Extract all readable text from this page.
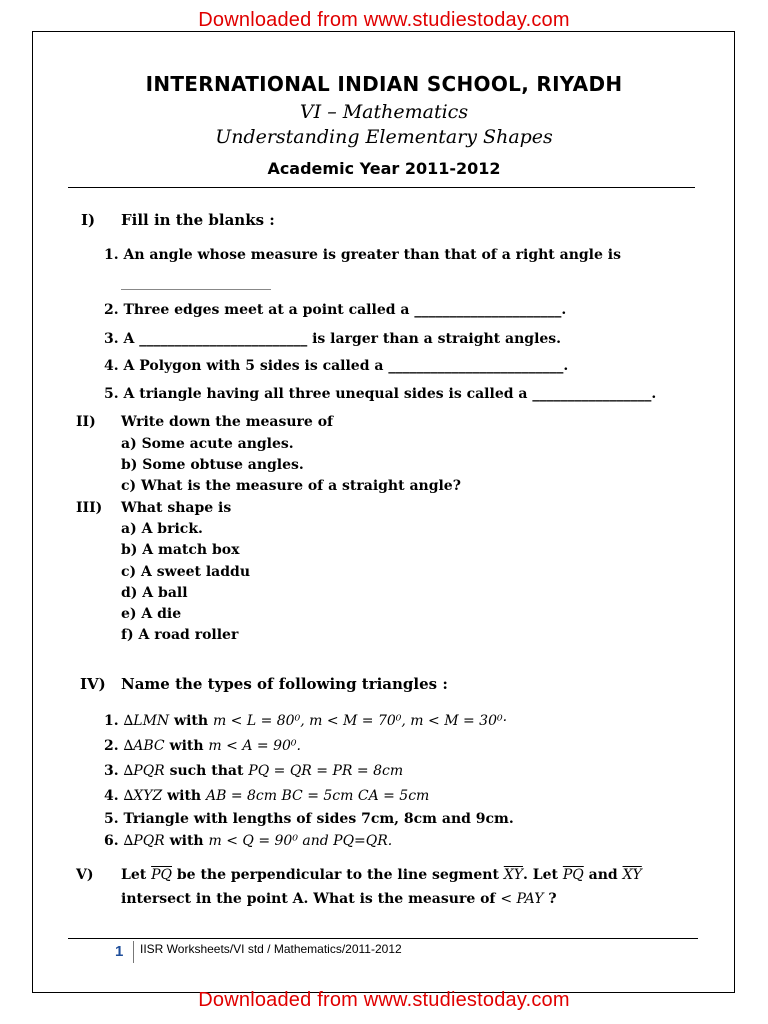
Downloaded from www.studiestoday.com
INTERNATIONAL INDIAN SCHOOL, RIYADH
VI – Mathematics
Understanding Elementary Shapes
Academic Year 2011-2012
I) Fill in the blanks :
1. An angle whose measure is greater than that of a right angle is
_________________________
2. Three edges meet at a point called a _____________________.
3. A ________________________ is larger than a straight angles.
4. A Polygon with 5 sides is called a _________________________.
5. A triangle having all three unequal sides is called a _________________.
II) Write down the measure of
a) Some acute angles.
b) Some obtuse angles.
c) What is the measure of a straight angle?
III) What shape is
a) A brick.
b) A match box
c) A sweet laddu
d) A ball
e) A die
f) A road roller
IV) Name the types of following triangles :
1. ∆LMN with m < L = 80⁰, m < M = 70⁰, m < M = 30⁰·
2. ∆ABC with m < A = 90⁰.
3. ∆PQR such that PQ = QR = PR = 8cm
4. ∆XYZ with AB = 8cm BC = 5cm CA = 5cm
5. Triangle with lengths of sides 7cm, 8cm and 9cm.
6. ∆PQR with m < Q = 90⁰ and PQ=QR.
V) Let $\overline{PQ}$ be the perpendicular to the line segment $\overline{XY}$. Let $\overline{PQ}$ and $\overline{XY}$
intersect in the point A. What is the measure of < PAY ?
1 IISR Worksheets/VI std / Mathematics/2011-2012
Downloaded from www.studiestoday.com
